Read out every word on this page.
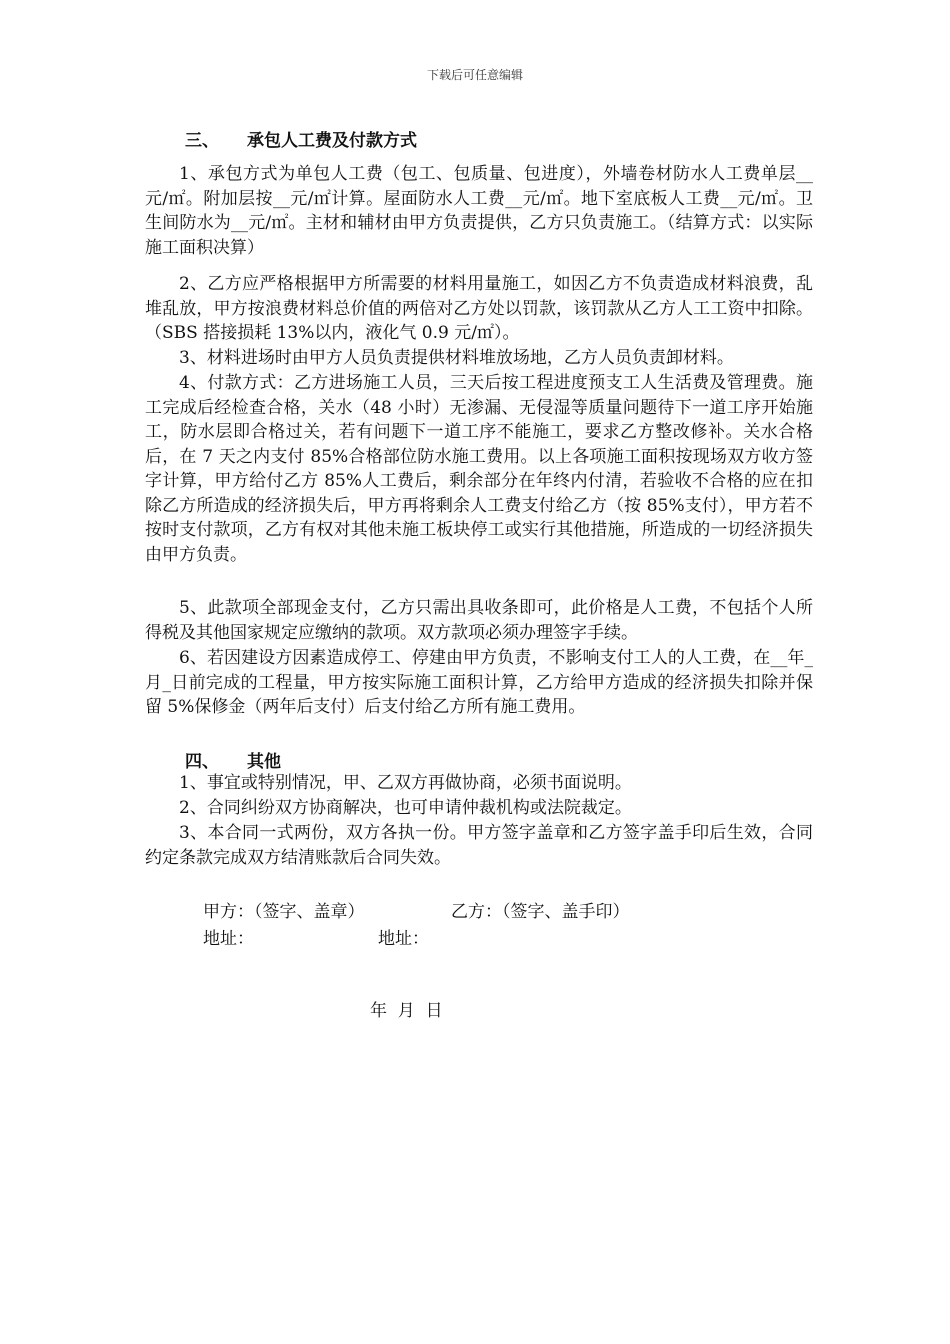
下载后可任意编辑
三、 承包人工费及付款方式

1、承包方式为单包人工费（包工、包质量、包进度），外墙卷材防水人工费单层__元/㎡。附加层按__元/㎡计算。屋面防水人工费__元/㎡。地下室底板人工费__元/㎡。卫生间防水为__元/㎡。主材和辅材由甲方负责提供，乙方只负责施工。（结算方式：以实际施工面积决算）

2、乙方应严格根据甲方所需要的材料用量施工，如因乙方不负责造成材料浪费，乱堆乱放，甲方按浪费材料总价值的两倍对乙方处以罚款，该罚款从乙方人工工资中扣除。（SBS 搭接损耗 13%以内，液化气 0.9 元/㎡）。

3、材料进场时由甲方人员负责提供材料堆放场地，乙方人员负责卸材料。

4、付款方式：乙方进场施工人员，三天后按工程进度预支工人生活费及管理费。施工完成后经检查合格，关水（48 小时）无渗漏、无侵湿等质量问题待下一道工序开始施工，防水层即合格过关，若有问题下一道工序不能施工，要求乙方整改修补。关水合格后，在 7 天之内支付 85%合格部位防水施工费用。以上各项施工面积按现场双方收方签字计算，甲方给付乙方 85%人工费后，剩余部分在年终内付清，若验收不合格的应在扣除乙方所造成的经济损失后，甲方再将剩余人工费支付给乙方（按 85%支付），甲方若不按时支付款项，乙方有权对其他未施工板块停工或实行其他措施，所造成的一切经济损失由甲方负责。

5、此款项全部现金支付，乙方只需出具收条即可，此价格是人工费，不包括个人所得税及其他国家规定应缴纳的款项。双方款项必须办理签字手续。

6、若因建设方因素造成停工、停建由甲方负责，不影响支付工人的人工费，在__年_月_日前完成的工程量，甲方按实际施工面积计算，乙方给甲方造成的经济损失扣除并保留 5%保修金（两年后支付）后支付给乙方所有施工费用。

四、 其他

1、事宜或特别情况，甲、乙双方再做协商，必须书面说明。

2、合同纠纷双方协商解决，也可申请仲裁机构或法院裁定。

3、本合同一式两份，双方各执一份。甲方签字盖章和乙方签字盖手印后生效，合同约定条款完成双方结清账款后合同失效。

甲方：（签字、盖章）	乙方：（签字、盖手印）
地址：	地址：
年  月  日
